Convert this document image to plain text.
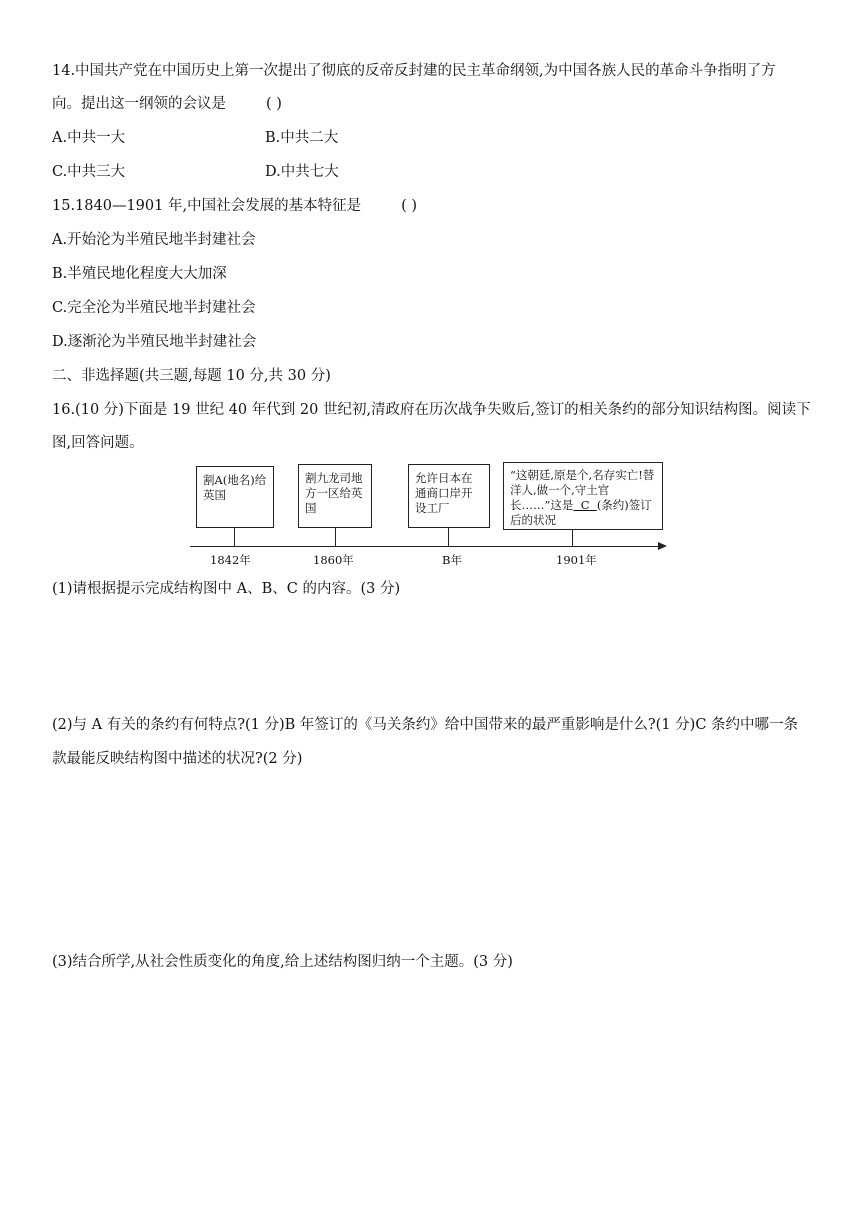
14.中国共产党在中国历史上第一次提出了彻底的反帝反封建的民主革命纲领,为中国各族人民的革命斗争指明了方
向。提出这一纲领的会议是	( )
A.中共一大	B.中共二大
C.中共三大	D.中共七大
15.1840—1901 年,中国社会发展的基本特征是	( )
A.开始沦为半殖民地半封建社会
B.半殖民地化程度大大加深
C.完全沦为半殖民地半封建社会
D.逐渐沦为半殖民地半封建社会
二、非选择题(共三题,每题 10 分,共 30 分)
16.(10 分)下面是 19 世纪 40 年代到 20 世纪初,清政府在历次战争失败后,签订的相关条约的部分知识结构图。阅读下
图,回答问题。
割A(地名)给英国
割九龙司地方一区给英国
允许日本在通商口岸开设工厂
“这朝廷,原是个,名存实亡!替洋人,做一个,守土官长……”这是  C  (条约)签订后的状况
1842年	1860年	B年	1901年
(1)请根据提示完成结构图中 A、B、C 的内容。(3 分)
(2)与 A 有关的条约有何特点?(1 分)B 年签订的《马关条约》给中国带来的最严重影响是什么?(1 分)C 条约中哪一条
款最能反映结构图中描述的状况?(2 分)
(3)结合所学,从社会性质变化的角度,给上述结构图归纳一个主题。(3 分)
